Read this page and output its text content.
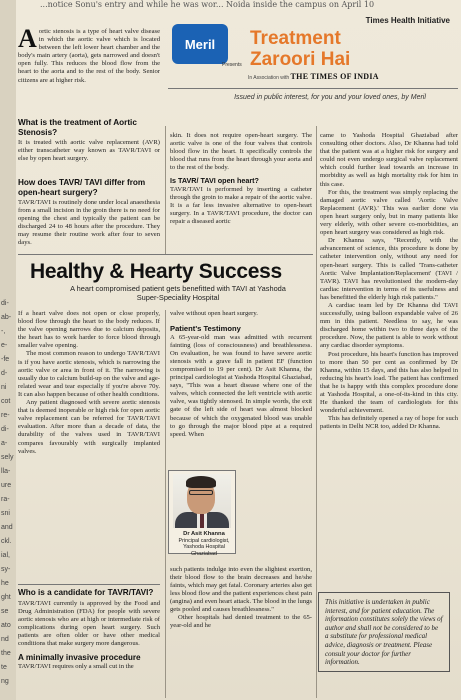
di-
ab-
-,
e-
-fe
d-
ni
cot
re-
di-
a-
sely
lla-
ure
ra-
sni
and
ckl.
ial,
sy-
he
ght
se
ato
nd
the
te
ng
...notice Sonu's entry and while he was wor... Noida inside the campus on April 10

Aortic stenosis is a type of heart valve disease in which the aortic valve which is located between the left lower heart chamber and the body's main artery (aorta), gets narrowed and doesn't open fully. This reduces the blood flow from the heart to the aorta and to the rest of the body. Senior citizens are at higher risk.

What is the treatment of Aortic Stenosis?

It is treated with aortic valve replacement (AVR) either transcatheter way known as TAVR/TAVI or else by open heart surgery.

How does TAVR/ TAVI differ from open-heart surgery?

TAVR/TAVI is routinely done under local anaesthesia from a small incision in the groin there is no need for opening the chest and typically the patient can be discharged 24 to 48 hours after the procedure. They may resume their routine work after four to seven days.

Meril
Presents
Times Health Initiative
Treatment
Zaroori Hai
In Association with THE TIMES OF INDIA
Issued in public interest, for you and your loved ones, by Meril

skin. It does not require open-heart surgery. The aortic valve is one of the four valves that controls blood flow in the heart. It specifically controls the blood that runs from the heart through your aorta and to the rest of the body.

Is TAVR/ TAVI open heart?

TAVR/TAVI is performed by inserting a catheter through the groin to make a repair of the aortic valve. It is a far less invasive alternative to open-heart surgery. In a TAVR/TAVI procedure, the doctor can repair a diseased aortic

came to Yashoda Hospital Ghaziabad after consulting other doctors. Also, Dr Khanna had told that the patient was at a higher risk for surgery and could not even undergo surgical valve replacement which could further lead towards an increase in morbidity as well as high mortality risk for him in this case.

For this, the treatment was simply replacing the damaged aortic valve called 'Aortic Valve Replacement (AVR).' This was earlier done via open heart surgery only, but in many patients like very elderly, with other severe co-morbidities, an open heart surgery was considered as high risk.

Dr Khanna says, "Recently, with the advancement of science, this procedure is done by catheter intervention only, without any need for open-heart surgery. This is called 'Trans-catheter Aortic Valve Implantation/Replacement' (TAVI / TAVR). TAVI has revolutionised the modern-day cardiac intervention in terms of its usefulness and has benefitted the elderly high risk patients."

A cardiac team led by Dr Khanna did TAVI successfully, using balloon expandable valve of 26 mm in this patient. Needless to say, he was discharged home within two to three days of the procedure. Now, the patient is able to work without any cardiac disorder symptoms.

Post procedure, his heart's function has improved to more than 50 per cent as confirmed by Dr Khanna, within 15 days, and this has also helped in reducing his heart's load. The patient has confirmed that he is happy with this complex procedure done at Yashoda Hospital, a one-of-its-kind in this city. He thanked the team of cardiologists for this wonderful achievement.

This has definitely opened a ray of hope for such patients in Delhi NCR too, added Dr Khanna.

Healthy & Hearty Success
A heart compromised patient gets benefitted with TAVI at Yashoda Super-Speciality Hospital

If a heart valve does not open or close properly, blood flow through the heart to the body reduces. If the valve opening narrows due to calcium deposits, the heart has to work harder to force blood through smaller valve opening.

The most common reason to undergo TAVR/TAVI is if you have aortic stenosis, which is narrowing the aortic valve or area in front of it. The narrowing is usually due to calcium build-up on the valve and age-related wear and tear especially if you're above 70y. It can also happen because of other health conditions.

Any patient diagnosed with severe aortic stenosis that is deemed inoperable or high risk for open aortic valve replacement can be referred for TAVR/TAVI evaluation. After more than a decade of data, the durability of the valves used in TAVR/TAVI compares favourably with surgically implanted valves.

valve without open heart surgery.

Patient's Testimony

A 65-year-old man was admitted with recurrent fainting (loss of consciousness) and breathlessness. On evaluation, he was found to have severe aortic stenosis with a grave fall in patient EF (function compromised to 19 per cent). Dr Asit Khanna, the principal cardiologist at Yashoda Hospital Ghaziabad, says, "This was a heart disease where one of the valves, which connected the left ventricle with aortic valve, was tightly stenosed. In simple words, the exit gate of the left side of heart was almost blocked because of which the oxygenated blood was unable to go through the major blood pipe at a required speed. When

such patients indulge into even the slightest exertion, their blood flow to the brain decreases and he/she faints, which may get fatal. Coronary arteries also get less blood flow and the patient experiences chest pain (angina) and even heart attack. The blood in the lungs gets pooled and causes breathlessness."

Other hospitals had denied treatment to the 65-year-old and he

Dr Asit Khanna
Principal cardiologist, Yashoda Hospital Ghaziabad
Who is a candidate for TAVR/TAVI?

TAVR/TAVI currently is approved by the Food and Drug Administration (FDA) for people with severe aortic stenosis who are at high or intermediate risk of complications during open heart surgery. Such patients are often older or have other medical conditions that make surgery more dangerous.

A minimally invasive procedure

TAVR/TAVI requires only a small cut in the

This initiative is undertaken in public interest, and for patient education. The information constitutes solely the views of author and shall not be considered to be a substitute for professional medical advice, diagnosis or treatment. Please consult your doctor for further information.
